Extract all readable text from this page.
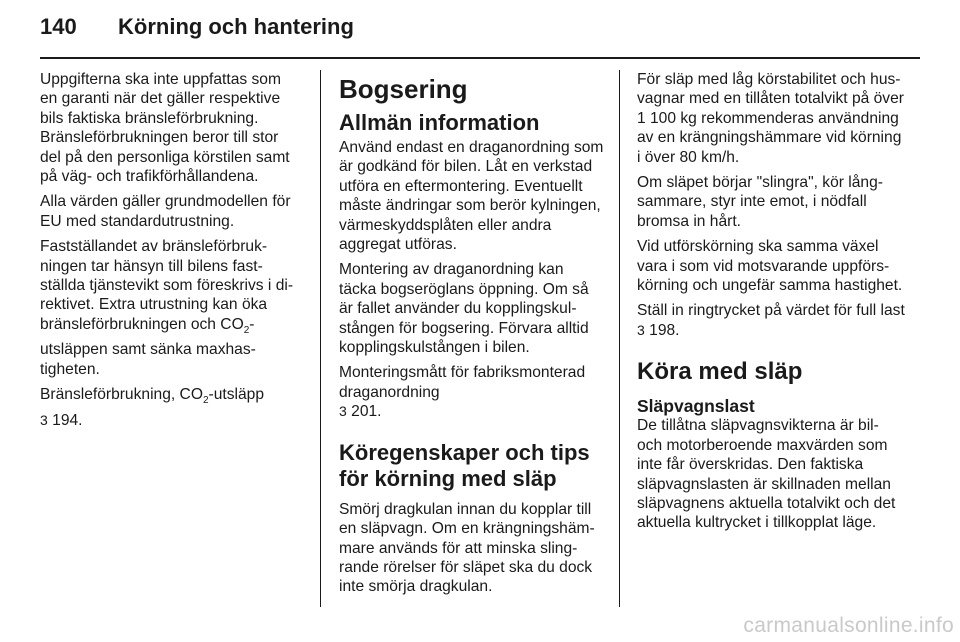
140	Körning och hantering

Uppgifterna ska inte uppfattas som en garanti när det gäller respektive bils faktiska bränsleförbrukning. Bränsleförbrukningen beror till stor del på den personliga körstilen samt på väg- och trafikförhållandena.

Alla värden gäller grundmodellen för EU med standardutrustning.

Fastställandet av bränsleförbrukningen tar hänsyn till bilens fastställda tjänstevikt som föreskrivs i direktivet. Extra utrustning kan öka bränsleförbrukningen och $CO_2$-utsläppen samt sänka maxhastigheten.

Bränsleförbrukning, $CO_2$-utsläpp
3 194.

Bogsering
Allmän information

Använd endast en draganordning som är godkänd för bilen. Låt en verkstad utföra en eftermontering. Eventuellt måste ändringar som berör kylningen, värmeskyddsplåten eller andra aggregat utföras.

Montering av draganordning kan täcka bogseröglans öppning. Om så är fallet använder du kopplingskulstången för bogsering. Förvara alltid kopplingskulstången i bilen.

Monteringsmått för fabriksmonterad draganordning
3 201.

Köregenskaper och tips för körning med släp

Smörj dragkulan innan du kopplar till en släpvagn. Om en krängningshämmare används för att minska slingrande rörelser för släpet ska du dock inte smörja dragkulan.

För släp med låg körstabilitet och husvagnar med en tillåten totalvikt på över 1 100 kg rekommenderas användning av en krängningshämmare vid körning i över 80 km/h.

Om släpet börjar "slingra", kör långsammare, styr inte emot, i nödfall bromsa in hårt.

Vid utförskörning ska samma växel vara i som vid motsvarande uppförskörning och ungefär samma hastighet.

Ställ in ringtrycket på värdet för full last
3 198.

Köra med släp
Släpvagnslast

De tillåtna släpvagnsvikterna är bil- och motorberoende maxvärden som inte får överskridas. Den faktiska släpvagnslasten är skillnaden mellan släpvagnens aktuella totalvikt och det aktuella kultrycket i tillkopplat läge.

carmanualsonline.info
